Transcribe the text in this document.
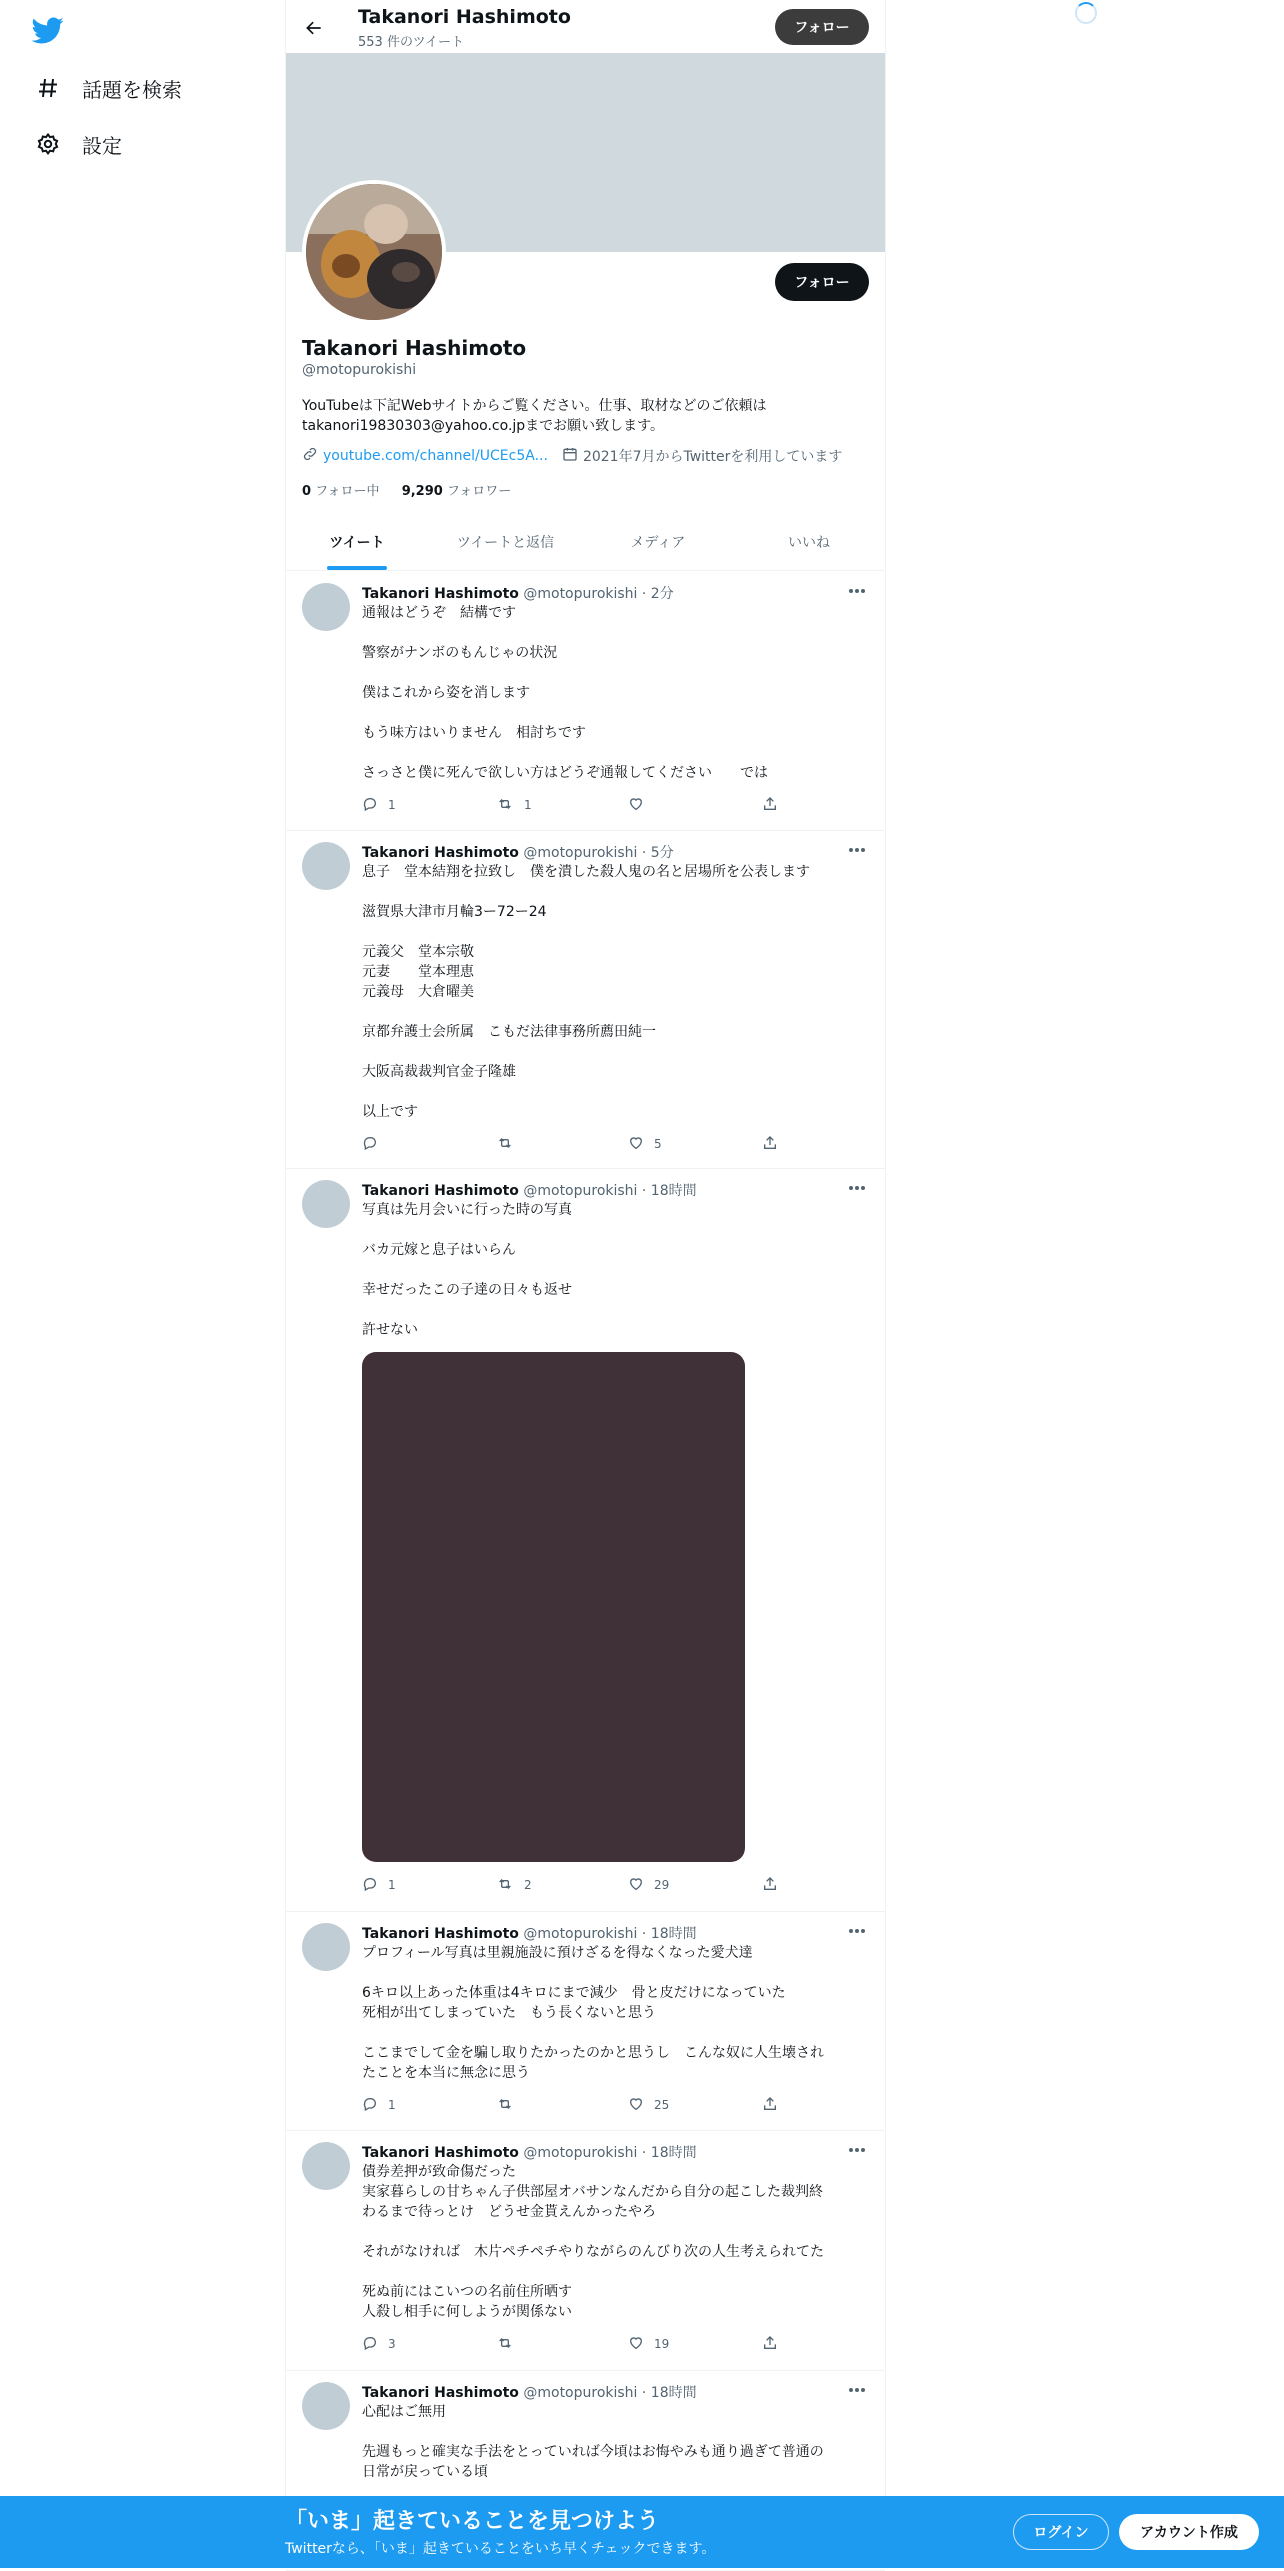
話題を検索
設定
Takanori Hashimoto
553 件のツイート
フォロー
フォロー
Takanori Hashimoto
@motopurokishi
YouTubeは下記Webサイトからご覧ください。仕事、取材などのご依頼は
takanori19830303@yahoo.co.jpまでお願い致します。
youtube.com/channel/UCEc5A...	2021年7月からTwitterを利用しています
0 フォロー中 9,290 フォロワー
ツイート	ツイートと返信	メディア	いいね
Takanori Hashimoto @motopurokishi · 2分
通報はどうぞ　結構です
警察がナンボのもんじゃの状況
僕はこれから姿を消します
もう味方はいりません　相討ちです
さっさと僕に死んで欲しい方はどうぞ通報してください　　では
1	1
Takanori Hashimoto @motopurokishi · 5分
息子　堂本結翔を拉致し　僕を潰した殺人鬼の名と居場所を公表します
滋賀県大津市月輪3ー72ー24
元義父　堂本宗敬
元妻　　堂本理恵
元義母　大倉曜美
京都弁護士会所属　こもだ法律事務所薦田純一
大阪高裁裁判官金子隆雄
以上です
5
Takanori Hashimoto @motopurokishi · 18時間
写真は先月会いに行った時の写真
バカ元嫁と息子はいらん
幸せだったこの子達の日々も返せ
許せない
1	2	29
Takanori Hashimoto @motopurokishi · 18時間
プロフィール写真は里親施設に預けざるを得なくなった愛犬達
6キロ以上あった体重は4キロにまで減少　骨と皮だけになっていた
死相が出てしまっていた　もう長くないと思う
ここまでして金を騙し取りたかったのかと思うし　こんな奴に人生壊され
たことを本当に無念に思う
1	25
Takanori Hashimoto @motopurokishi · 18時間
債券差押が致命傷だった
実家暮らしの甘ちゃん子供部屋オバサンなんだから自分の起こした裁判終
わるまで待っとけ　どうせ金貰えんかったやろ
それがなければ　木片ペチペチやりながらのんびり次の人生考えられてた
死ぬ前にはこいつの名前住所晒す
人殺し相手に何しようが関係ない
3	19
Takanori Hashimoto @motopurokishi · 18時間
心配はご無用
先週もっと確実な手法をとっていれば今頃はお悔やみも通り過ぎて普通の
日常が戻っている頃
「いま」起きていることを見つけよう
Twitterなら、「いま」起きていることをいち早くチェックできます。
ログイン	アカウント作成
